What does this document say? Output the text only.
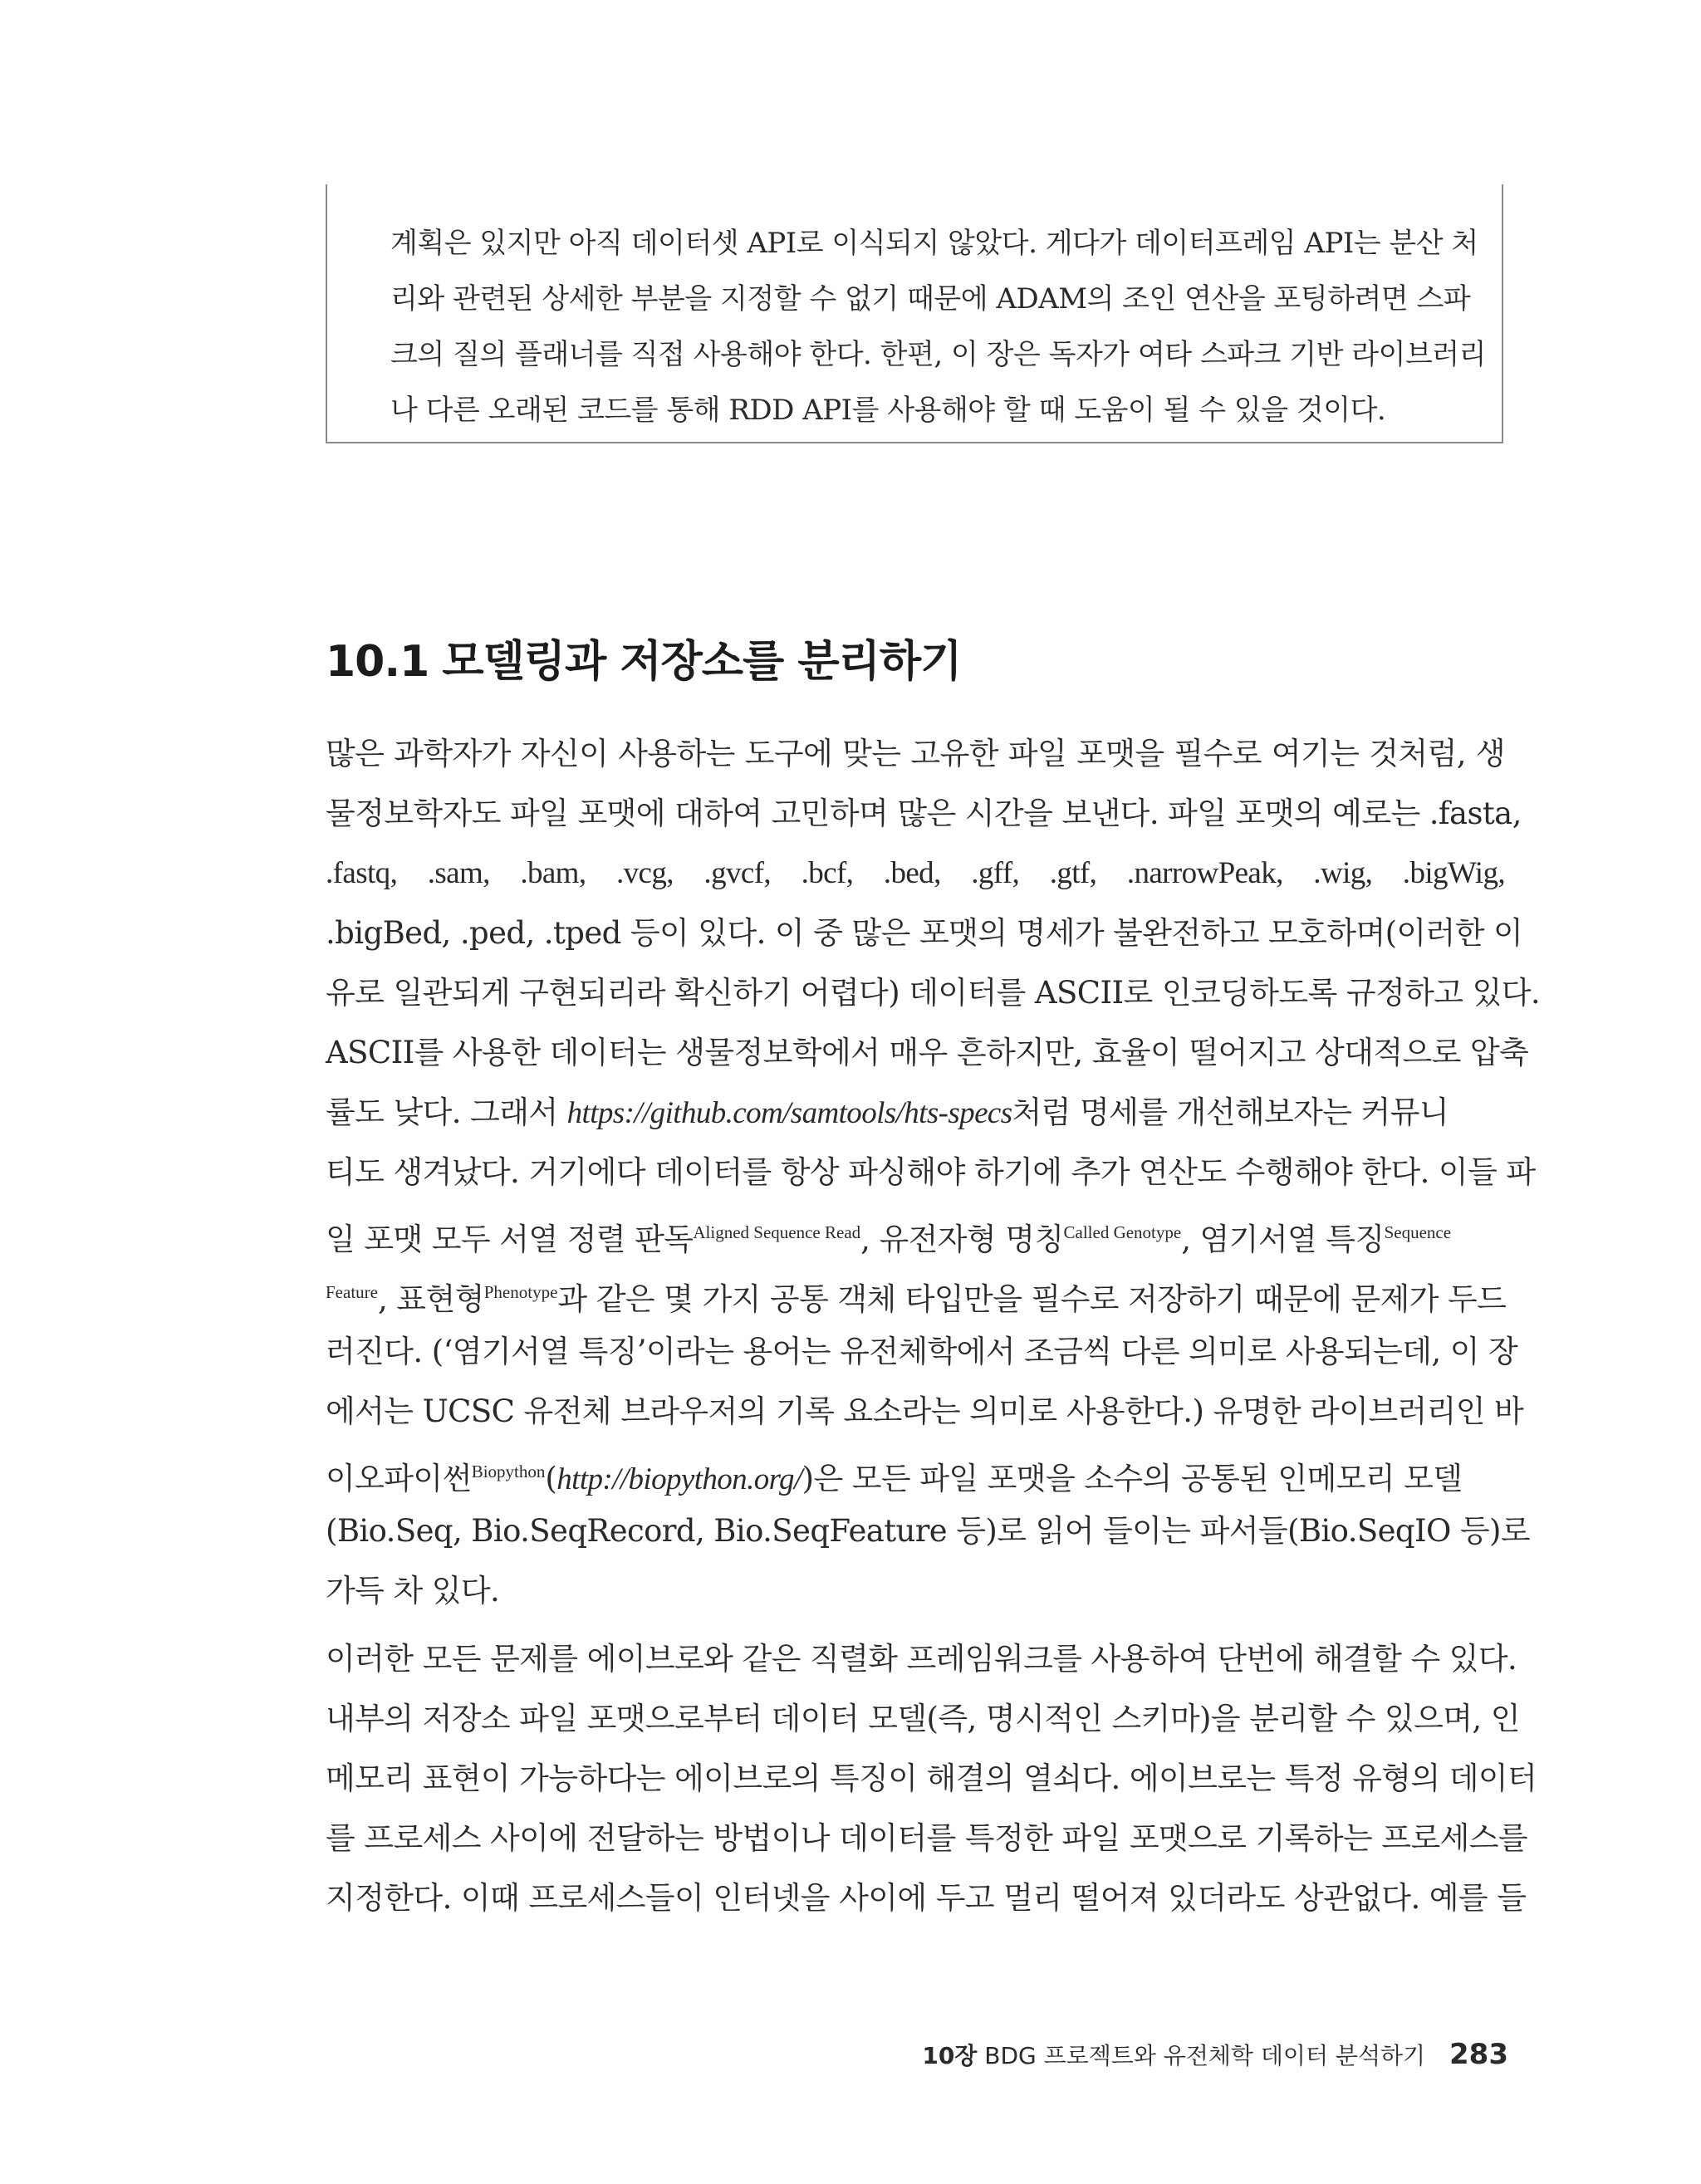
계획은 있지만 아직 데이터셋 API로 이식되지 않았다. 게다가 데이터프레임 API는 분산 처
리와 관련된 상세한 부분을 지정할 수 없기 때문에 ADAM의 조인 연산을 포팅하려면 스파
크의 질의 플래너를 직접 사용해야 한다. 한편, 이 장은 독자가 여타 스파크 기반 라이브러리
나 다른 오래된 코드를 통해 RDD API를 사용해야 할 때 도움이 될 수 있을 것이다.
10.1 모델링과 저장소를 분리하기
많은 과학자가 자신이 사용하는 도구에 맞는 고유한 파일 포맷을 필수로 여기는 것처럼, 생
물정보학자도 파일 포맷에 대하여 고민하며 많은 시간을 보낸다. 파일 포맷의 예로는 .fasta,
.fastq, .sam, .bam, .vcg, .gvcf, .bcf, .bed, .gff, .gtf, .narrowPeak, .wig, .bigWig,
.bigBed, .ped, .tped 등이 있다. 이 중 많은 포맷의 명세가 불완전하고 모호하며(이러한 이
유로 일관되게 구현되리라 확신하기 어렵다) 데이터를 ASCII로 인코딩하도록 규정하고 있다.
ASCII를 사용한 데이터는 생물정보학에서 매우 흔하지만, 효율이 떨어지고 상대적으로 압축
률도 낮다. 그래서 https://github.com/samtools/hts-specs처럼 명세를 개선해보자는 커뮤니
티도 생겨났다. 거기에다 데이터를 항상 파싱해야 하기에 추가 연산도 수행해야 한다. 이들 파
일 포맷 모두 서열 정렬 판독$^{Aligned Sequence Read}$, 유전자형 명칭$^{Called Genotype}$, 염기서열 특징$^{Sequence}$
$^{Feature}$, 표현형$^{Phenotype}$과 같은 몇 가지 공통 객체 타입만을 필수로 저장하기 때문에 문제가 두드
러진다. (‘염기서열 특징’이라는 용어는 유전체학에서 조금씩 다른 의미로 사용되는데, 이 장
에서는 UCSC 유전체 브라우저의 기록 요소라는 의미로 사용한다.) 유명한 라이브러리인 바
이오파이썬$^{Biopython}$(http://biopython.org/)은 모든 파일 포맷을 소수의 공통된 인메모리 모델
(Bio.Seq, Bio.SeqRecord, Bio.SeqFeature 등)로 읽어 들이는 파서들(Bio.SeqIO 등)로
가득 차 있다.
이러한 모든 문제를 에이브로와 같은 직렬화 프레임워크를 사용하여 단번에 해결할 수 있다.
내부의 저장소 파일 포맷으로부터 데이터 모델(즉, 명시적인 스키마)을 분리할 수 있으며, 인
메모리 표현이 가능하다는 에이브로의 특징이 해결의 열쇠다. 에이브로는 특정 유형의 데이터
를 프로세스 사이에 전달하는 방법이나 데이터를 특정한 파일 포맷으로 기록하는 프로세스를
지정한다. 이때 프로세스들이 인터넷을 사이에 두고 멀리 떨어져 있더라도 상관없다. 예를 들
10장 BDG 프로젝트와 유전체학 데이터 분석하기 283
